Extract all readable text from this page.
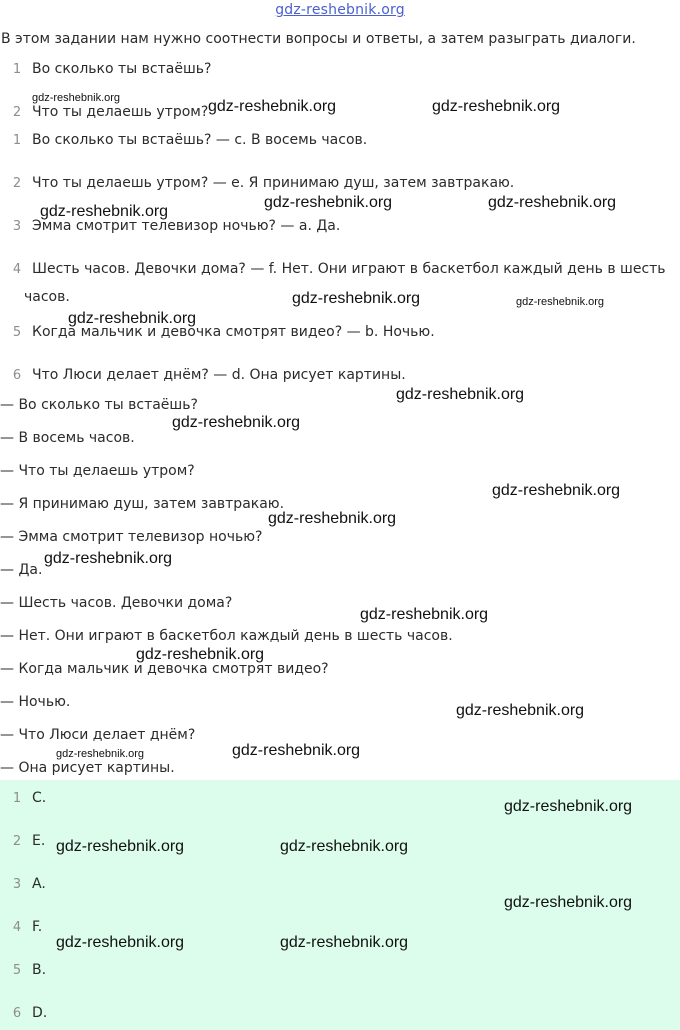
gdz-reshebnik.org
В этом задании нам нужно соотнести вопросы и ответы, а затем разыграть диалоги.
1 Во сколько ты встаёшь?
2 Что ты делаешь утром?
1 Во сколько ты встаёшь? — c. В восемь часов.
2 Что ты делаешь утром? — e. Я принимаю душ, затем завтракаю.
3 Эмма смотрит телевизор ночью? — a. Да.
4 Шесть часов. Девочки дома? — f. Нет. Они играют в баскетбол каждый день в шесть
часов.
5 Когда мальчик и девочка смотрят видео? — b. Ночью.
6 Что Люси делает днём? — d. Она рисует картины.
— Во сколько ты встаёшь?
— В восемь часов.
— Что ты делаешь утром?
— Я принимаю душ, затем завтракаю.
— Эмма смотрит телевизор ночью?
— Да.
— Шесть часов. Девочки дома?
— Нет. Они играют в баскетбол каждый день в шесть часов.
— Когда мальчик и девочка смотрят видео?
— Ночью.
— Что Люси делает днём?
— Она рисует картины.
1 C.
2 E.
3 A.
4 F.
5 B.
6 D.
gdz-reshebnik.org	gdz-reshebnik.org	gdz-reshebnik.org
gdz-reshebnik.org
gdz-reshebnik.org	gdz-reshebnik.org
gdz-reshebnik.org	gdz-reshebnik.org
gdz-reshebnik.org
gdz-reshebnik.org
gdz-reshebnik.org
gdz-reshebnik.org
gdz-reshebnik.org
gdz-reshebnik.org
gdz-reshebnik.org
gdz-reshebnik.org
gdz-reshebnik.org
gdz-reshebnik.org	gdz-reshebnik.org
gdz-reshebnik.org
gdz-reshebnik.org	gdz-reshebnik.org
gdz-reshebnik.org
gdz-reshebnik.org	gdz-reshebnik.org
